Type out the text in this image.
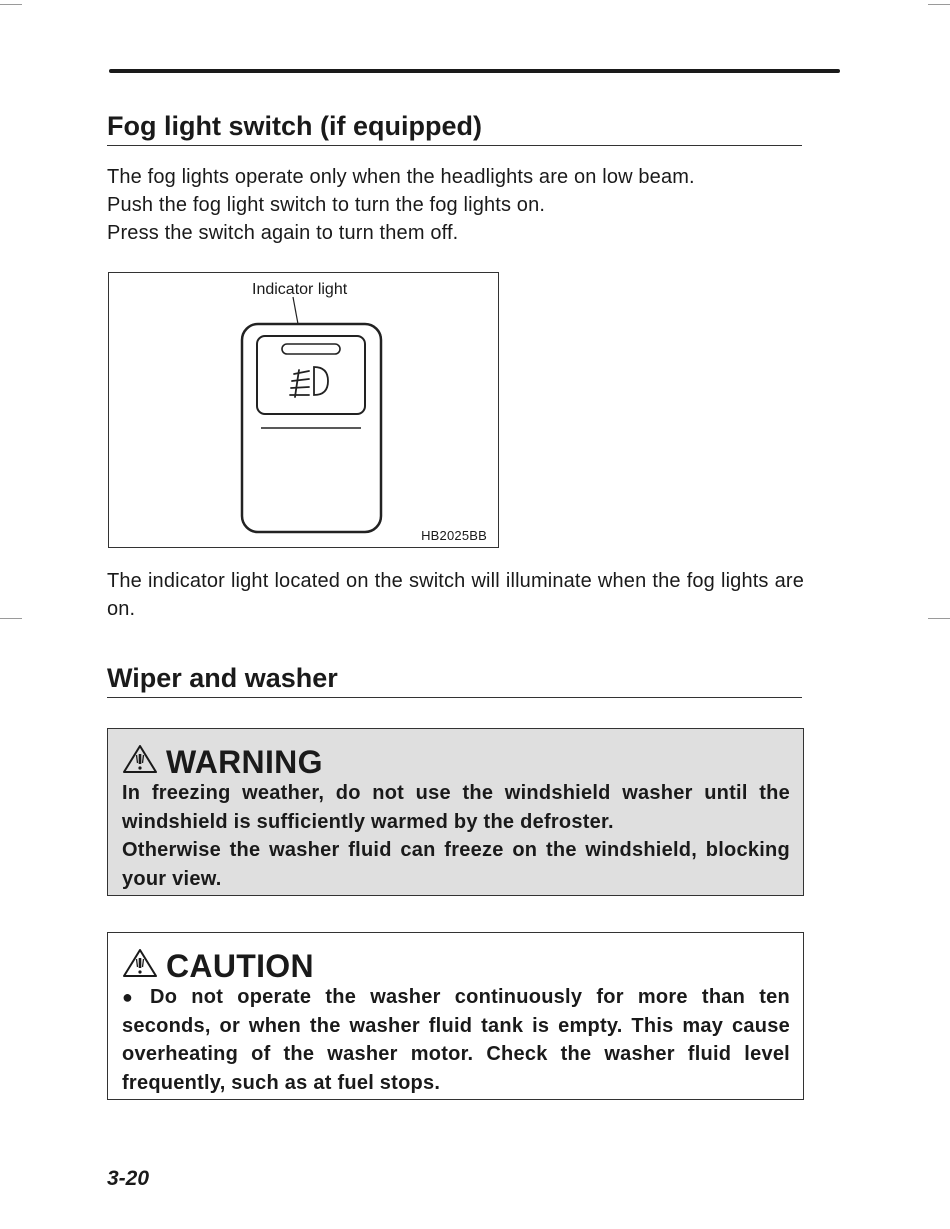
Fog light switch (if equipped)

The fog lights operate only when the headlights are on low beam.

Push the fog light switch to turn the fog lights on.

Press the switch again to turn them off.

Indicator light
HB2025BB
The indicator light located on the switch will illuminate when the fog lights are on.
Wiper and washer
WARNING

In freezing weather, do not use the windshield washer until the windshield is sufficiently warmed by the defroster.

Otherwise the washer fluid can freeze on the windshield, blocking your view.

CAUTION

● Do not operate the washer continuously for more than ten seconds, or when the washer fluid tank is empty. This may cause overheating of the washer motor. Check the washer fluid level frequently, such as at fuel stops.

3-20
